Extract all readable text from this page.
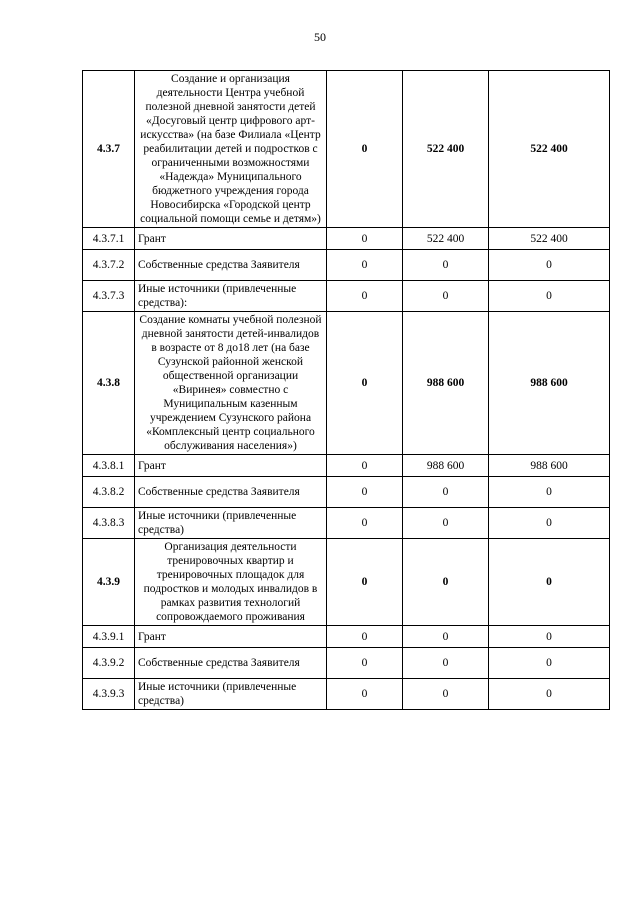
50
4.3.7	Создание и организация деятельности Центра учебной полезной дневной занятости детей «Досуговый центр цифрового арт-искусства» (на базе Филиала «Центр реабилитации детей и подростков с ограниченными возможностями «Надежда» Муниципального бюджетного учреждения города Новосибирска «Городской центр социальной помощи семье и детям»)	0	522 400	522 400
4.3.7.1	Грант	0	522 400	522 400
4.3.7.2	Собственные средства Заявителя	0	0	0
4.3.7.3	Иные источники (привлеченные средства):	0	0	0
4.3.8	Создание комнаты учебной полезной дневной занятости детей-инвалидов в возрасте от 8 до18 лет (на базе Сузунской районной женской общественной организации «Виринея» совместно с Муниципальным казенным учреждением Сузунского района «Комплексный центр социального обслуживания населения»)	0	988 600	988 600
4.3.8.1	Грант	0	988 600	988 600
4.3.8.2	Собственные средства Заявителя	0	0	0
4.3.8.3	Иные источники (привлеченные средства)	0	0	0
4.3.9	Организация деятельности тренировочных квартир и тренировочных площадок для подростков и молодых инвалидов в рамках развития технологий сопровождаемого проживания	0	0	0
4.3.9.1	Грант	0	0	0
4.3.9.2	Собственные средства Заявителя	0	0	0
4.3.9.3	Иные источники (привлеченные средства)	0	0	0
